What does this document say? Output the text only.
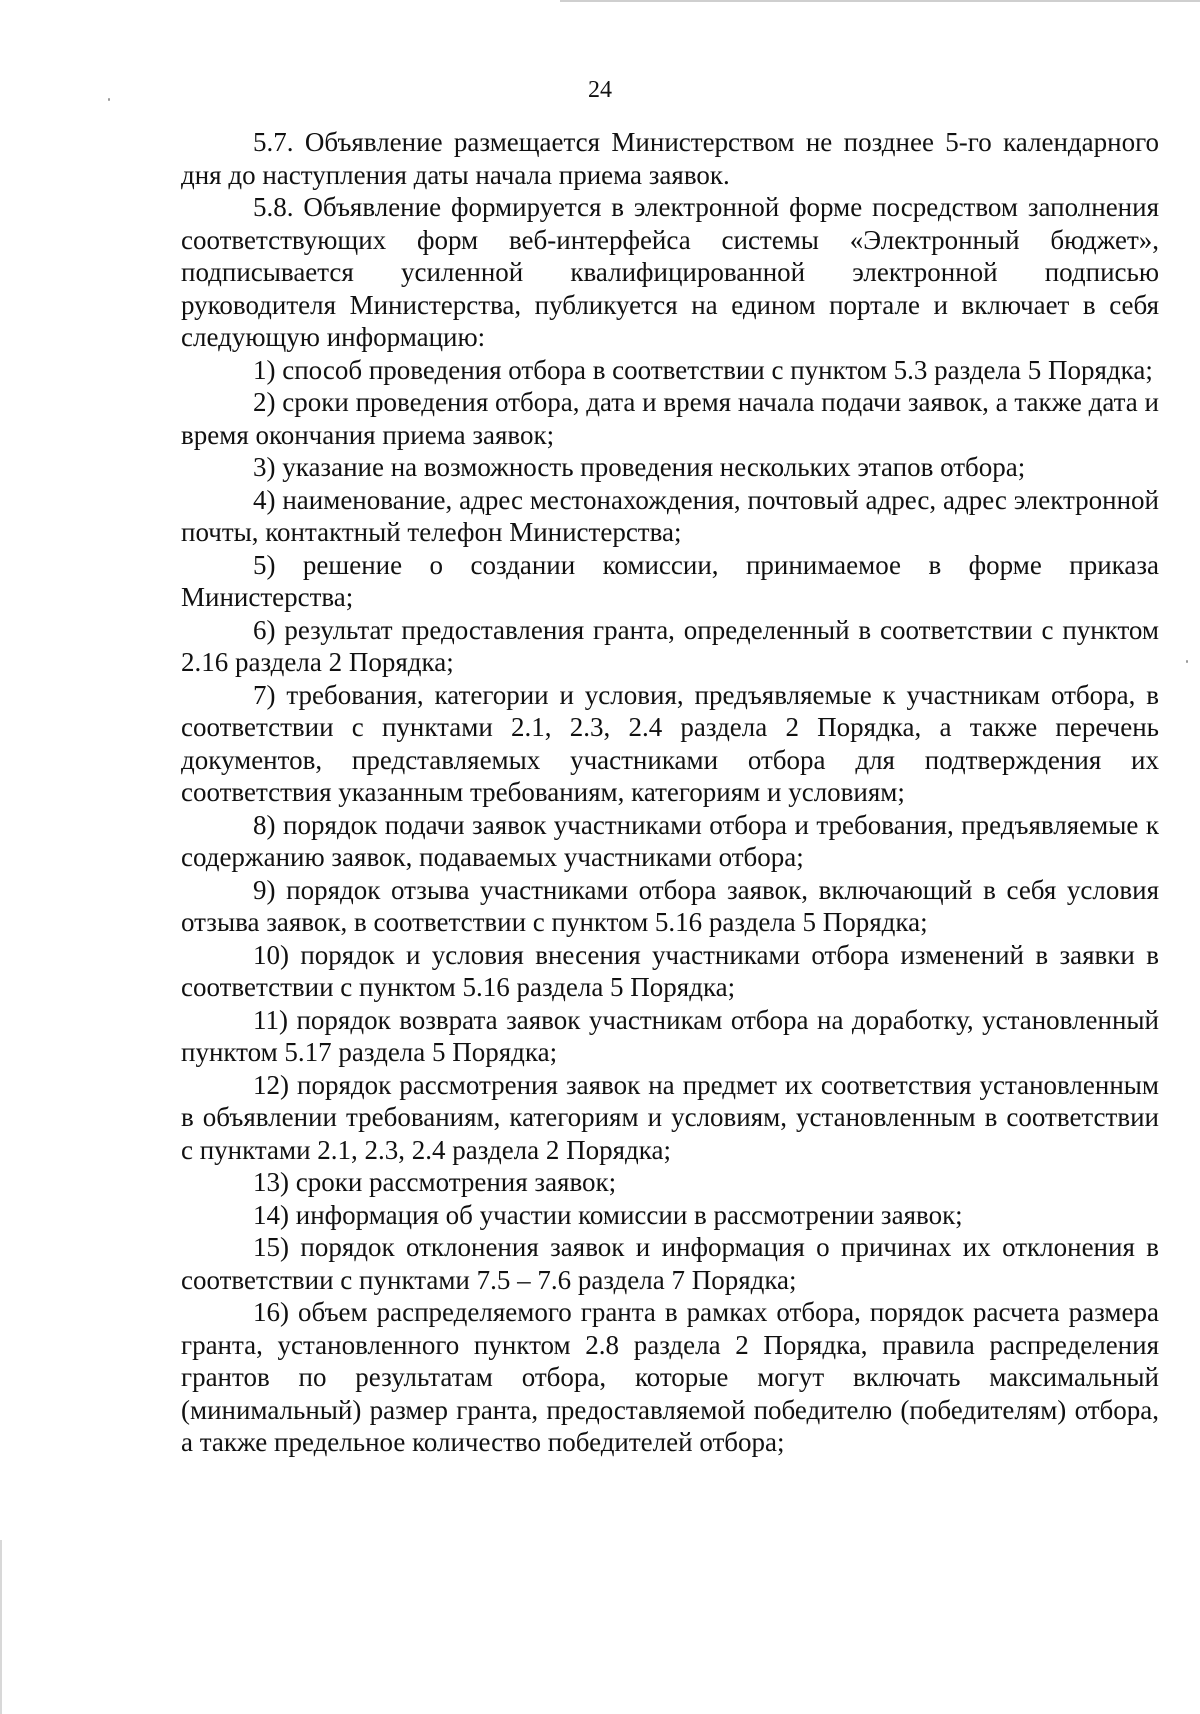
24

5.7. Объявление размещается Министерством не позднее 5-го календарного дня до наступления даты начала приема заявок.

5.8. Объявление формируется в электронной форме посредством заполнения соответствующих форм веб-интерфейса системы «Электронный бюджет», подписывается усиленной квалифицированной электронной подписью руководителя Министерства, публикуется на едином портале и включает в себя следующую информацию:

1) способ проведения отбора в соответствии с пунктом 5.3 раздела 5 Порядка;

2) сроки проведения отбора, дата и время начала подачи заявок, а также дата и время окончания приема заявок;

3) указание на возможность проведения нескольких этапов отбора;

4) наименование, адрес местонахождения, почтовый адрес, адрес электронной почты, контактный телефон Министерства;

5) решение о создании комиссии, принимаемое в форме приказа Министерства;

6) результат предоставления гранта, определенный в соответствии с пунктом 2.16 раздела 2 Порядка;

7) требования, категории и условия, предъявляемые к участникам отбора, в соответствии с пунктами 2.1, 2.3, 2.4 раздела 2 Порядка, а также перечень документов, представляемых участниками отбора для подтверждения их соответствия указанным требованиям, категориям и условиям;

8) порядок подачи заявок участниками отбора и требования, предъявляемые к содержанию заявок, подаваемых участниками отбора;

9) порядок отзыва участниками отбора заявок, включающий в себя условия отзыва заявок, в соответствии с пунктом 5.16 раздела 5 Порядка;

10) порядок и условия внесения участниками отбора изменений в заявки в соответствии с пунктом 5.16 раздела 5 Порядка;

11) порядок возврата заявок участникам отбора на доработку, установленный пунктом 5.17 раздела 5 Порядка;

12) порядок рассмотрения заявок на предмет их соответствия установленным в объявлении требованиям, категориям и условиям, установленным в соответствии с пунктами 2.1, 2.3, 2.4 раздела 2 Порядка;

13) сроки рассмотрения заявок;

14) информация об участии комиссии в рассмотрении заявок;

15) порядок отклонения заявок и информация о причинах их отклонения в соответствии с пунктами 7.5 – 7.6 раздела 7 Порядка;

16) объем распределяемого гранта в рамках отбора, порядок расчета размера гранта, установленного пунктом 2.8 раздела 2 Порядка, правила распределения грантов по результатам отбора, которые могут включать максимальный (минимальный) размер гранта, предоставляемой победителю (победителям) отбора, а также предельное количество победителей отбора;
